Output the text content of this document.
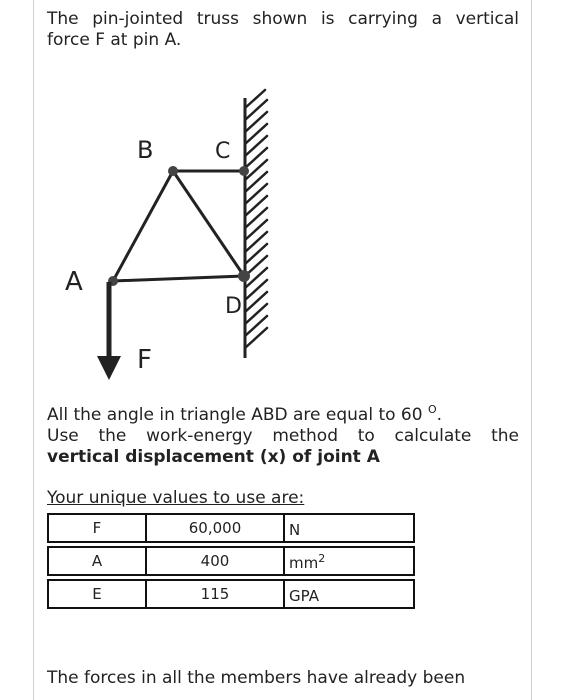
The pin-jointed truss shown is carrying a vertical
force F at pin A.

All the angle in triangle ABD are equal to 60 $^O$.
Use the work-energy method to calculate the
vertical displacement (x) of joint A

Your unique values to use are:

The forces in all the members have already been

B	C
A
D
F
F	60,000	N
A	400	$mm^2$
E	115	GPA
